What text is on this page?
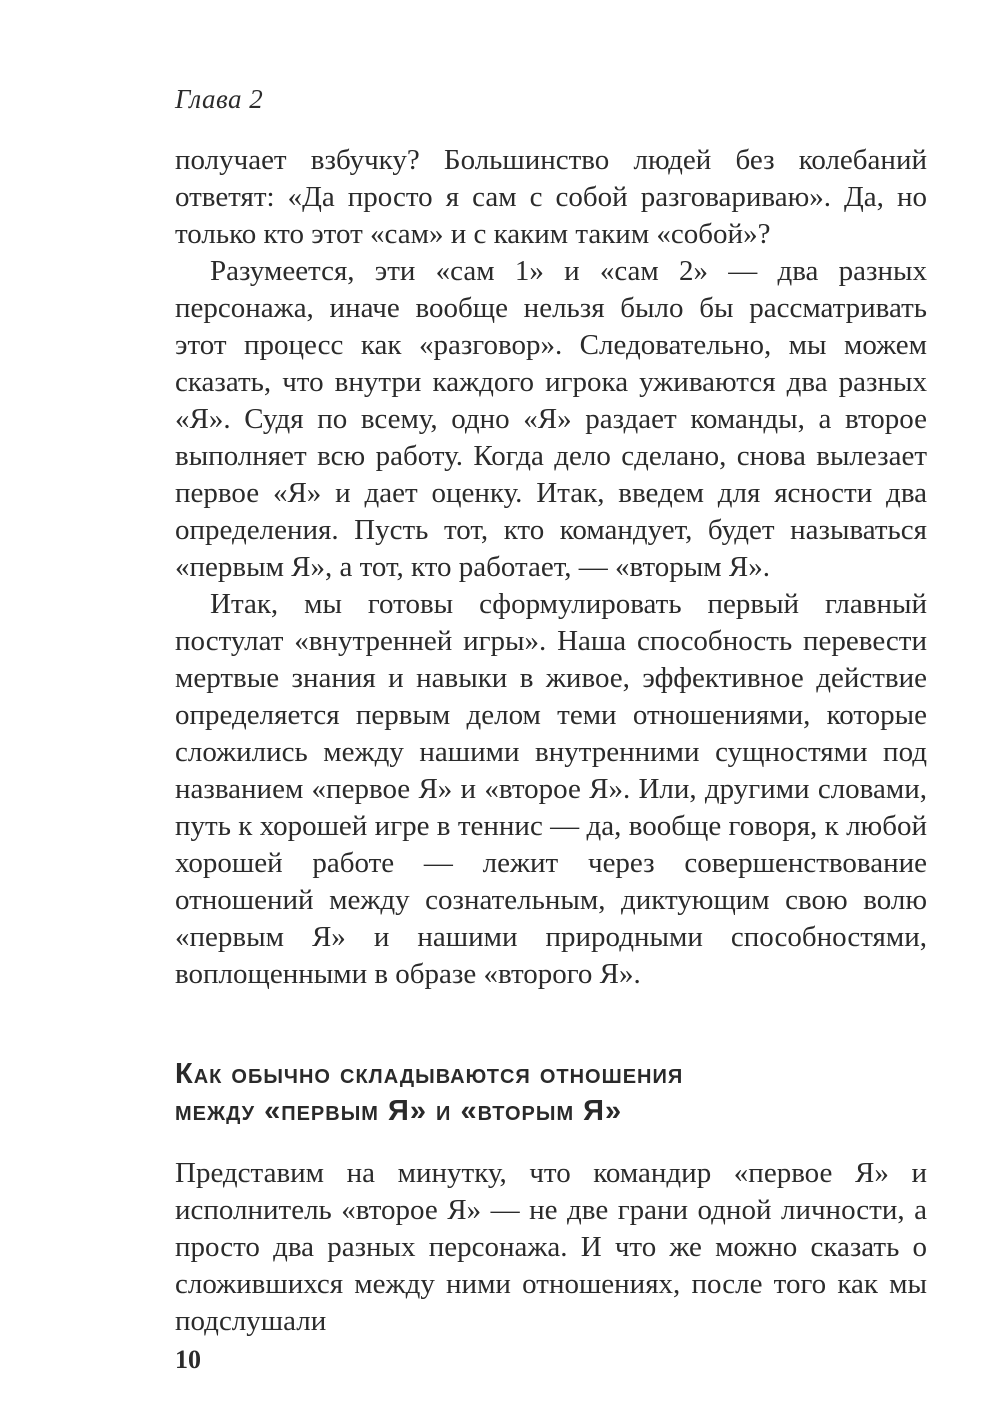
Глава 2

получает взбучку? Большинство людей без колебаний ответят: «Да просто я сам с собой разговариваю». Да, но только кто этот «сам» и с каким таким «собой»?

Разумеется, эти «сам 1» и «сам 2» — два разных персонажа, иначе вообще нельзя было бы рассматривать этот процесс как «разговор». Следовательно, мы можем сказать, что внутри каждого игрока уживаются два разных «Я». Судя по всему, одно «Я» раздает команды, а второе выполняет всю работу. Когда дело сделано, снова вылезает первое «Я» и дает оценку. Итак, введем для ясности два определения. Пусть тот, кто командует, будет называться «первым Я», а тот, кто работает, — «вторым Я».

Итак, мы готовы сформулировать первый главный постулат «внутренней игры». Наша способность перевести мертвые знания и навыки в живое, эффективное действие определяется первым делом теми отношениями, которые сложились между нашими внутренними сущностями под названием «первое Я» и «второе Я». Или, другими словами, путь к хорошей игре в теннис — да, вообще говоря, к любой хорошей работе — лежит через совершенствование отношений между сознательным, диктующим свою волю «первым Я» и нашими природными способностями, воплощенными в образе «второго Я».

Как обычно складываются отношения
между «первым Я» и «вторым Я»

Представим на минутку, что командир «первое Я» и исполнитель «второе Я» — не две грани одной личности, а просто два разных персонажа. И что же можно сказать о сложившихся между ними отношениях, после того как мы подслушали

10
